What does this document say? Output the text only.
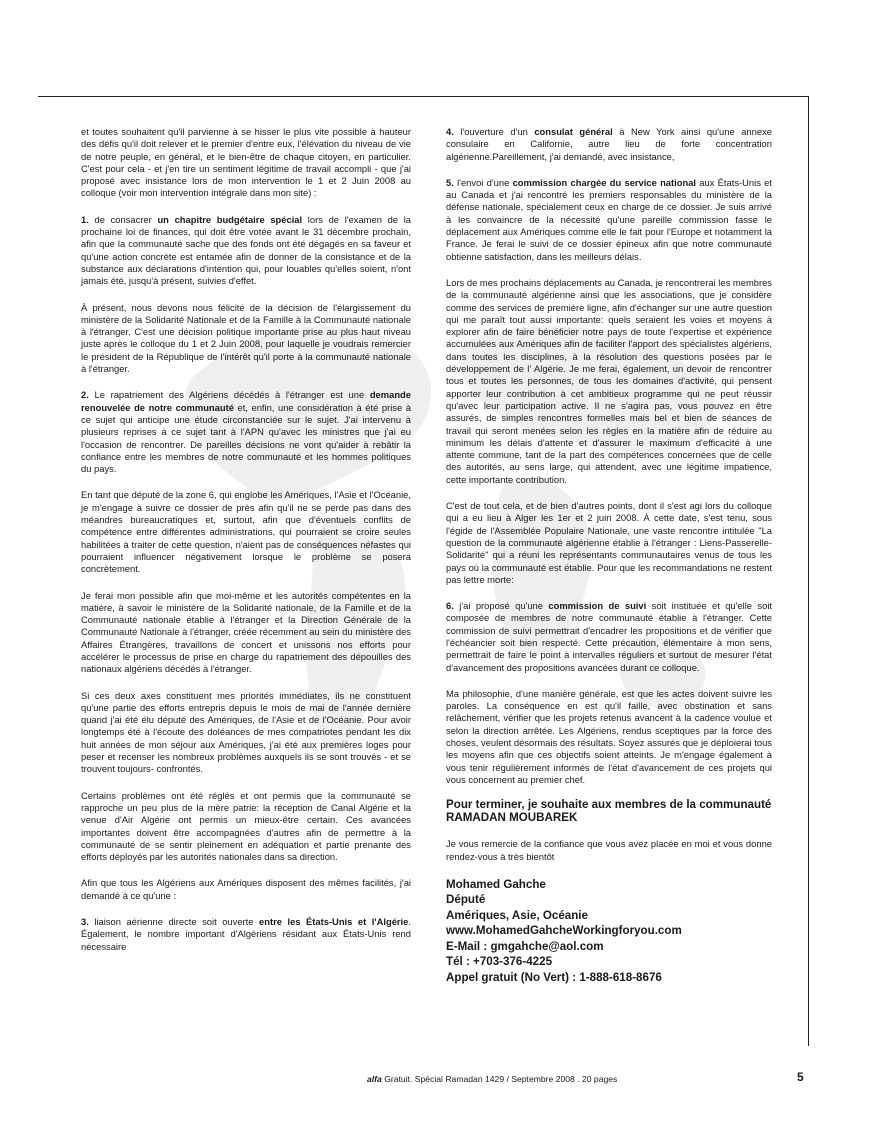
et toutes souhaitent qu'il parvienne à se hisser le plus vite possible à hauteur des défis qu'il doit relever et le premier d'entre eux, l'élévation du niveau de vie de notre peuple, en général, et le bien-être de chaque citoyen, en particulier. C'est pour cela - et j'en tire un sentiment légitime de travail accompli - que j'ai proposé avec insistance lors de mon intervention le 1 et 2 Juin 2008 au colloque (voir mon intervention intégrale dans mon site) :

1. de consacrer un chapitre budgétaire spécial lors de l'examen de la prochaine loi de finances, qui doit être votée avant le 31 décembre prochain, afin que la communauté sache que des fonds ont été dégagés en sa faveur et qu'une action concrète est entamée afin de donner de la consistance et de la substance aux déclarations d'intention qui, pour louables qu'elles soient, n'ont jamais été, jusqu'à présent, suivies d'effet.

À présent, nous devons nous félicité de la décision de l'élargissement du ministère de la Solidarité Nationale et de la Famille à la Communauté nationale à l'étranger. C'est une décision politique importante prise au plus haut niveau juste après le colloque du 1 et 2 Juin 2008, pour laquelle je voudrais remercier le président de la République de l'intérêt qu'il porte à la communauté nationale à l'étranger.

2. Le rapatriement des Algériens décédés à l'étranger est une demande renouvelée de notre communauté et, enfin, une considération à été prise à ce sujet qui anticipe une étude circonstanciée sur le sujet. J'ai intervenu à plusieurs reprises à ce sujet tant à l'APN qu'avec les ministres que j'ai eu l'occasion de rencontrer. De pareilles décisions ne vont qu'aider à rebâtir la confiance entre les membres de notre communauté et les hommes politiques du pays.

En tant que député de la zone 6, qui englobe les Amériques, l'Asie et l'Océanie, je m'engage à suivre ce dossier de près afin qu'il ne se perde pas dans des méandres bureaucratiques et, surtout, afin que d'éventuels conflits de compétence entre différentes administrations, qui pourraient se croire seules habilitées à traiter de cette question, n'aient pas de conséquences néfastes qui pourraient influencer négativement lorsque le problème se posera concrètement.

Je ferai mon possible afin que moi-même et les autorités compétentes en la matière, à savoir le ministère de la Solidarité nationale, de la Famille et de la Communauté nationale établie à l'étranger et la Direction Générale de la Communauté Nationale à l'étranger, créée récemment au sein du ministère des Affaires Étrangères, travaillons de concert et unissons nos efforts pour accélérer le processus de prise en charge du rapatriement des dépouilles des nationaux algériens décédés à l'étranger.

Si ces deux axes constituent mes priorités immédiates, ils ne constituent qu'une partie des efforts entrepris depuis le mois de mai de l'année dernière quand j'ai été élu député des Amériques, de l'Asie et de l'Océanie. Pour avoir longtemps été à l'écoute des doléances de mes compatriotes pendant les dix huit années de mon séjour aux Amériques, j'ai été aux premières loges pour peser et recenser les nombreux problèmes auxquels ils se sont trouvés - et se trouvent toujours- confrontés.

Certains problèmes ont été réglés et ont permis que la communauté se rapproche un peu plus de la mère patrie: la réception de Canal Algérie et la venue d'Air Algérie ont permis un mieux-être certain. Ces avancées importantes doivent être accompagnées d'autres afin de permettre à la communauté de se sentir pleinement en adéquation et partie prenante des efforts déployés par les autorités nationales dans sa direction.

Afin que tous les Algériens aux Amériques disposent des mêmes facilités, j'ai demandé à ce qu'une :

3. liaison aérienne directe soit ouverte entre les États-Unis et l'Algérie. Également, le nombre important d'Algériens résidant aux États-Unis rend nécessaire

4. l'ouverture d'un consulat général à New York ainsi qu'une annexe consulaire en Californie, autre lieu de forte concentration algérienne.Pareillement, j'ai demandé, avec insistance,

5. l'envoi d'une commission chargée du service national aux États-Unis et au Canada et j'ai rencontré les premiers responsables du ministère de la défense nationale, spécialement ceux en charge de ce dossier. Je suis arrivé à les convaincre de la nécessité qu'une pareille commission fasse le déplacement aux Amériques comme elle le fait pour l'Europe et notamment la France. Je ferai le suivi de ce dossier épineux afin que notre communauté obtienne satisfaction, dans les meilleurs délais.

Lors de mes prochains déplacements au Canada, je rencontrerai les membres de la communauté algérienne ainsi que les associations, que je considère comme des services de première ligne, afin d'échanger sur une autre question qui me paraît tout aussi importante: quels seraient les voies et moyens à explorer afin de faire bénéficier notre pays de toute l'expertise et expérience accumulées aux Amériques afin de faciliter l'apport des spécialistes algériens, dans toutes les disciplines, à la résolution des questions posées par le développement de l' Algérie. Je me ferai, également, un devoir de rencontrer tous et toutes les personnes, de tous les domaines d'activité, qui pensent apporter leur contribution à cet ambitieux programme qui ne peut réussir qu'avec leur participation active. Il ne s'agira pas, vous pouvez en être assurés, de simples rencontres formelles mais bel et bien de séances de travail qui seront menées selon les règles en la matière afin de réduire au minimum les délais d'attente et d'assurer le maximum d'efficacité à une attente commune, tant de la part des compétences concernées que de celle des autorités, au sens large, qui attendent, avec une légitime impatience, cette importante contribution.

C'est de tout cela, et de bien d'autres points, dont il s'est agi lors du colloque qui a eu lieu à Alger les 1er et 2 juin 2008. À cette date, s'est tenu, sous l'égide de l'Assemblée Populaire Nationale, une vaste rencontre intitulée "La question de la communauté algérienne établie à l'étranger : Liens-Passerelle-Solidarité" qui a réuni les représentants communautaires venus de tous les pays où la communauté est établie. Pour que les recommandations ne restent pas lettre morte:

6. j'ai proposé qu'une commission de suivi soit instituée et qu'elle soit composée de membres de notre communauté établie à l'étranger. Cette commission de suivi permettrait d'encadrer les propositions et de vérifier que l'échéancier soit bien respecté. Cette précaution, élémentaire à mon sens, permettrait de faire le point à intervalles réguliers et surtout de mesurer l'état d'avancement des propositions avancées durant ce colloque.

Ma philosophie, d'une manière générale, est que les actes doivent suivre les paroles. La conséquence en est qu'il faille, avec obstination et sans relâchement, vérifier que les projets retenus avancent à la cadence voulue et selon la direction arrêtée. Les Algériens, rendus sceptiques par la force des choses, veulent désormais des résultats. Soyez assurés que je déploierai tous les moyens afin que ces objectifs soient atteints. Je m'engage également à vous tenir régulièrement informés de l'état d'avancement de ces projets qui vous concernent au premier chef.

Pour terminer, je souhaite aux membres de la communauté RAMADAN MOUBAREK

Je vous remercie de la confiance que vous avez placée en moi et vous donne rendez-vous à très bientôt

Mohamed Gahche
Député
Amériques, Asie, Océanie
www.MohamedGahcheWorkingforyou.com
E-Mail : gmgahche@aol.com
Tél : +703-376-4225
Appel gratuit (No Vert) : 1-888-618-8676
alfa Gratuit. Spécial Ramadan 1429 / Septembre 2008 . 20 pages	5
